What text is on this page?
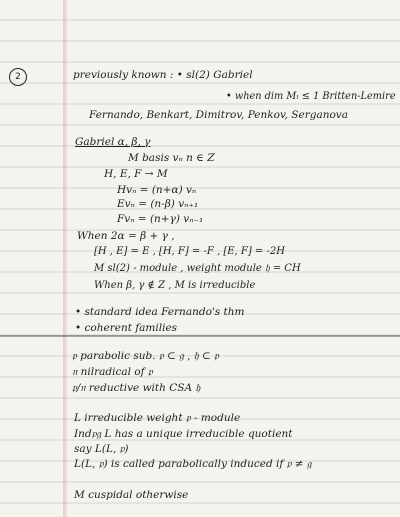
2	previously known : • sl(2) Gabriel
• when dim Mₗ ≤ 1 Britten-Lemire
Fernando, Benkart, Dimitrov, Penkov, Serganova
Gabriel α, β, γ
M basis vₙ n ∈ Z
H, E, F → M
Hvₙ = (n+α) vₙ
Evₙ = (n-β) vₙ₊₁
Fvₙ = (n+γ) vₙ₋₁
When 2α = β + γ ,
[H , E] = E , [H, F] = -F , [E, F] = -2H
M sl(2) - module , weight module 𝔥 = CH
When β, γ ∉ Z , M is irreducible
• standard idea Fernando's thm
• coherent families
𝔭 parabolic sub. 𝔭 ⊂ 𝔤 , 𝔥 ⊂ 𝔭
𝔫 nilradical of 𝔭
𝔭/𝔫 reductive with CSA 𝔥
L irreducible weight 𝔭 - module
Ind𝔭𝔤 L has a unique irreducible quotient
say L(L, 𝔭)
L(L, 𝔭) is called parabolically induced if 𝔭 ≠ 𝔤
M cuspidal otherwise
